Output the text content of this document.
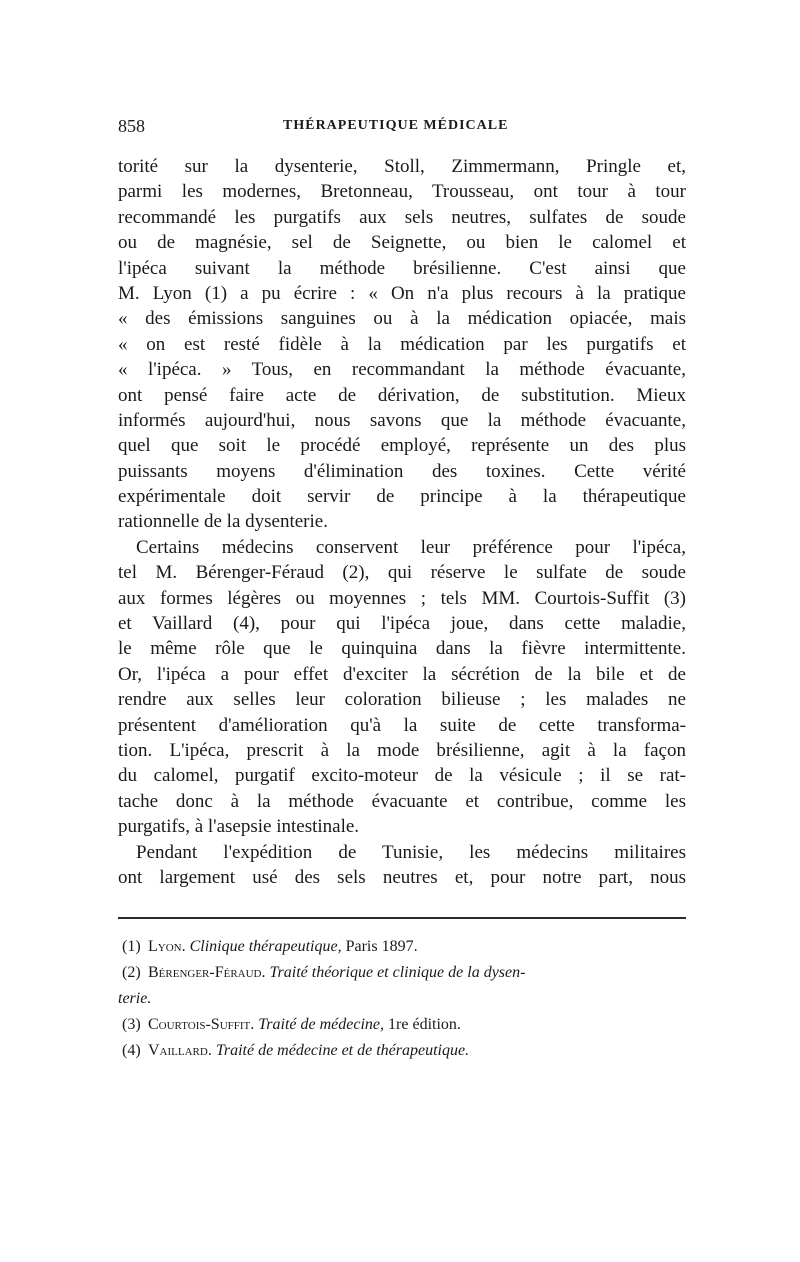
858	THÉRAPEUTIQUE MÉDICALE
torité sur la dysenterie, Stoll, Zimmermann, Pringle et,
parmi les modernes, Bretonneau, Trousseau, ont tour à tour
recommandé les purgatifs aux sels neutres, sulfates de soude
ou de magnésie, sel de Seignette, ou bien le calomel et
l'ipéca suivant la méthode brésilienne. C'est ainsi que
M. Lyon (1) a pu écrire : « On n'a plus recours à la pratique
« des émissions sanguines ou à la médication opiacée, mais
« on est resté fidèle à la médication par les purgatifs et
« l'ipéca. » Tous, en recommandant la méthode évacuante,
ont pensé faire acte de dérivation, de substitution. Mieux
informés aujourd'hui, nous savons que la méthode évacuante,
quel que soit le procédé employé, représente un des plus
puissants moyens d'élimination des toxines. Cette vérité
expérimentale doit servir de principe à la thérapeutique
rationnelle de la dysenterie.
Certains médecins conservent leur préférence pour l'ipéca,
tel M. Bérenger-Féraud (2), qui réserve le sulfate de soude
aux formes légères ou moyennes ; tels MM. Courtois-Suffit (3)
et Vaillard (4), pour qui l'ipéca joue, dans cette maladie,
le même rôle que le quinquina dans la fièvre intermittente.
Or, l'ipéca a pour effet d'exciter la sécrétion de la bile et de
rendre aux selles leur coloration bilieuse ; les malades ne
présentent d'amélioration qu'à la suite de cette transforma-
tion. L'ipéca, prescrit à la mode brésilienne, agit à la façon
du calomel, purgatif excito-moteur de la vésicule ; il se rat-
tache donc à la méthode évacuante et contribue, comme les
purgatifs, à l'asepsie intestinale.
Pendant l'expédition de Tunisie, les médecins militaires
ont largement usé des sels neutres et, pour notre part, nous
(1) Lyon. Clinique thérapeutique, Paris 1897.
(2) Bérenger-Féraud. Traité théorique et clinique de la dysen-
terie.
(3) Courtois-Suffit. Traité de médecine, 1re édition.
(4) Vaillard. Traité de médecine et de thérapeutique.
